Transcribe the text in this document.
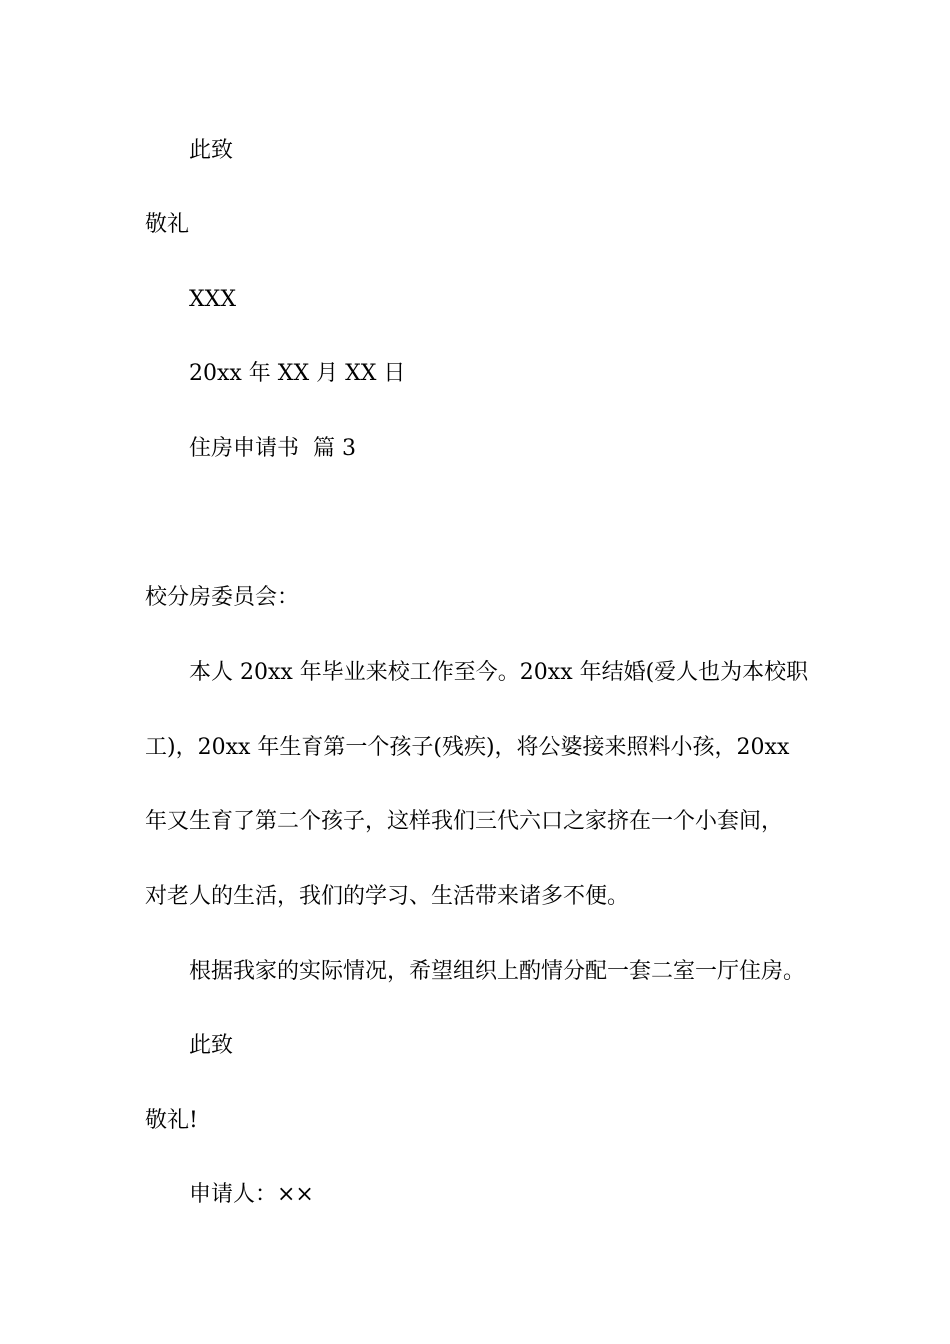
此致
敬礼
XXX
20xx 年 XX 月 XX 日
住房申请书  篇 3
校分房委员会：
本人 20xx 年毕业来校工作至今。20xx 年结婚(爱人也为本校职
工)，20xx 年生育第一个孩子(残疾)，将公婆接来照料小孩，20xx
年又生育了第二个孩子，这样我们三代六口之家挤在一个小套间，
对老人的生活，我们的学习、生活带来诸多不便。
根据我家的实际情况，希望组织上酌情分配一套二室一厅住房。
此致
敬礼!
申请人：××
